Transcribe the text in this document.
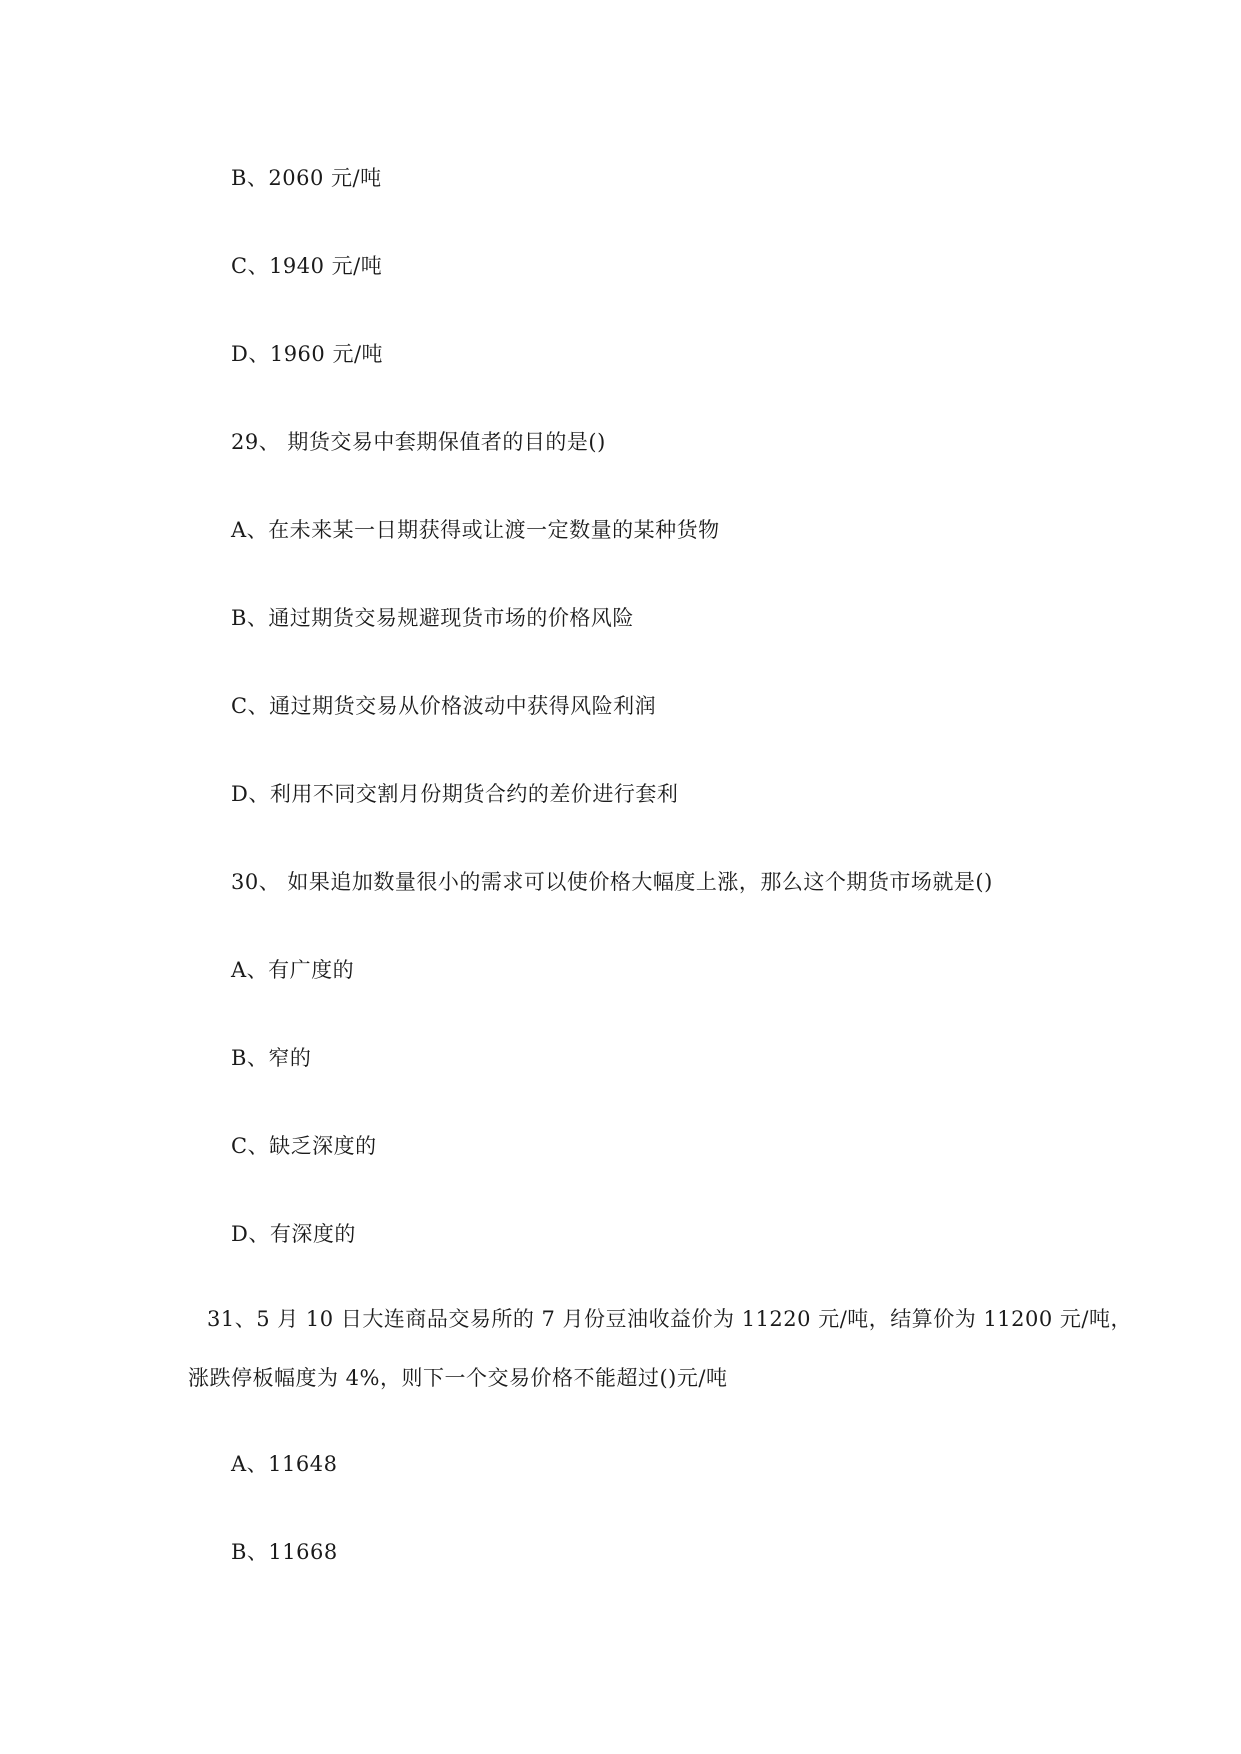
B、2060 元/吨
C、1940 元/吨
D、1960 元/吨
29、 期货交易中套期保值者的目的是()
A、在未来某一日期获得或让渡一定数量的某种货物
B、通过期货交易规避现货市场的价格风险
C、通过期货交易从价格波动中获得风险利润
D、利用不同交割月份期货合约的差价进行套利
30、 如果追加数量很小的需求可以使价格大幅度上涨，那么这个期货市场就是()
A、有广度的
B、窄的
C、缺乏深度的
D、有深度的
31、5 月 10 日大连商品交易所的 7 月份豆油收益价为 11220 元/吨，结算价为 11200 元/吨，
涨跌停板幅度为 4%，则下一个交易价格不能超过()元/吨
A、11648
B、11668
